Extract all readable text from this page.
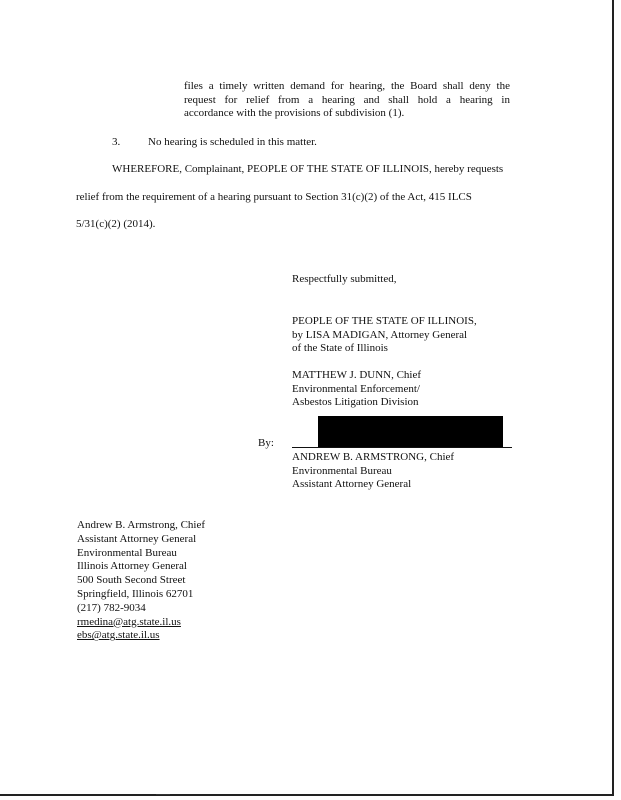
files a timely written demand for hearing, the Board shall deny the
request for relief from a hearing and shall hold a hearing in
accordance with the provisions of subdivision (1).
3.	No hearing is scheduled in this matter.
WHEREFORE, Complainant, PEOPLE OF THE STATE OF ILLINOIS, hereby requests
relief from the requirement of a hearing pursuant to Section 31(c)(2) of the Act, 415 ILCS
5/31(c)(2) (2014).
Respectfully submitted,
PEOPLE OF THE STATE OF ILLINOIS,
by LISA MADIGAN, Attorney General
of the State of Illinois
MATTHEW J. DUNN, Chief
Environmental Enforcement/
Asbestos Litigation Division
By:
ANDREW B. ARMSTRONG, Chief
Environmental Bureau
Assistant Attorney General
Andrew B. Armstrong, Chief
Assistant Attorney General
Environmental Bureau
Illinois Attorney General
500 South Second Street
Springfield, Illinois 62701
(217) 782-9034
rmedina@atg.state.il.us
ebs@atg.state.il.us
